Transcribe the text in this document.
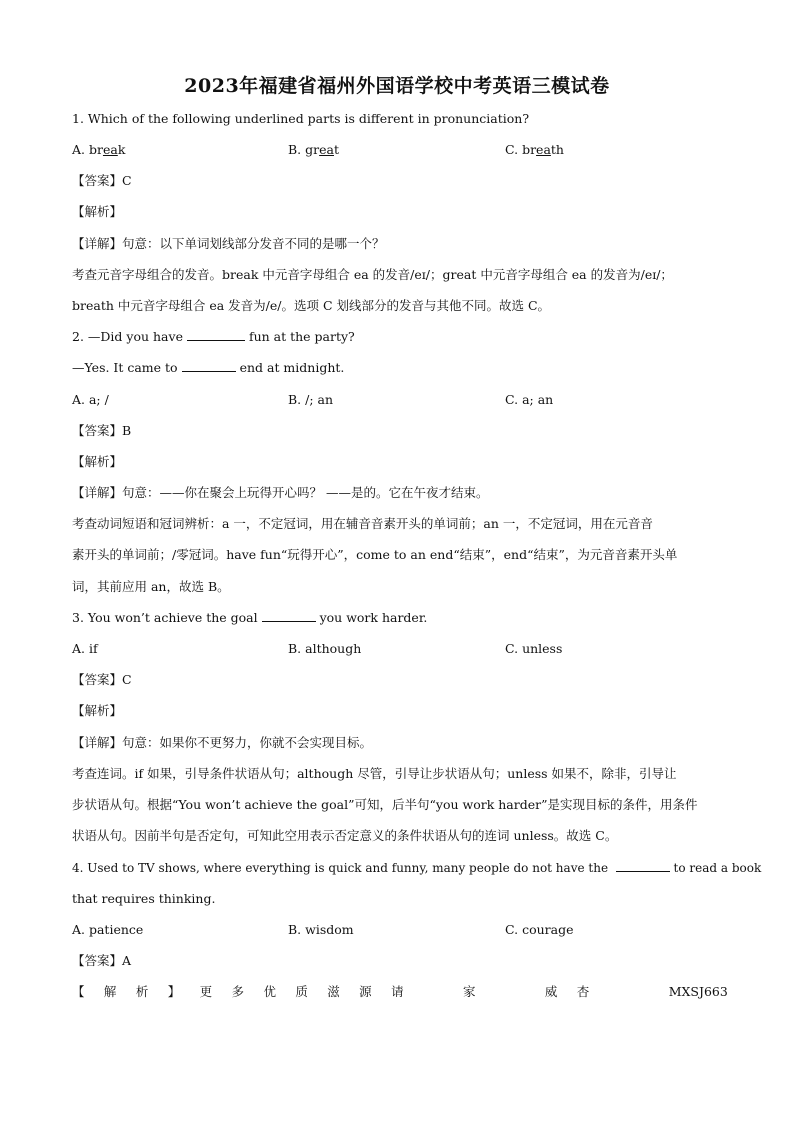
2023年福建省福州外国语学校中考英语三模试卷
1. Which of the following underlined parts is different in pronunciation?
A. break	B. great	C. breath
【答案】C
【解析】
【详解】句意：以下单词划线部分发音不同的是哪一个？
考查元音字母组合的发音。break 中元音字母组合 ea 的发音/eɪ/；great 中元音字母组合 ea 的发音为/eɪ/；
breath 中元音字母组合 ea 发音为/e/。选项 C 划线部分的发音与其他不同。故选 C。
2. —Did you have	fun at the party?
—Yes. It came to	end at midnight.
A. a; /	B. /; an	C. a; an
【答案】B
【解析】
【详解】句意：——你在聚会上玩得开心吗？ ——是的。它在午夜才结束。
考查动词短语和冠词辨析：a 一，不定冠词，用在辅音音素开头的单词前；an 一，不定冠词，用在元音音
素开头的单词前；/零冠词。have fun“玩得开心”，come to an end“结束”，end“结束”，为元音音素开头单
词，其前应用 an，故选 B。
3. You won’t achieve the goal	you work harder.
A. if	B. although	C. unless
【答案】C
【解析】
【详解】句意：如果你不更努力，你就不会实现目标。
考查连词。if 如果，引导条件状语从句；although 尽管，引导让步状语从句；unless 如果不，除非，引导让
步状语从句。根据“You won’t achieve the goal”可知，后半句“you work harder”是实现目标的条件，用条件
状语从句。因前半句是否定句，可知此空用表示否定意义的条件状语从句的连词 unless。故选 C。
4. Used to TV shows, where everything is quick and funny, many people do not have the	to read a book
that requires thinking.
A. patience	B. wisdom	C. courage
【答案】A
【 解 析 】 更 多 优 质 滋 源 请	家	威 杏	MXSJ663
